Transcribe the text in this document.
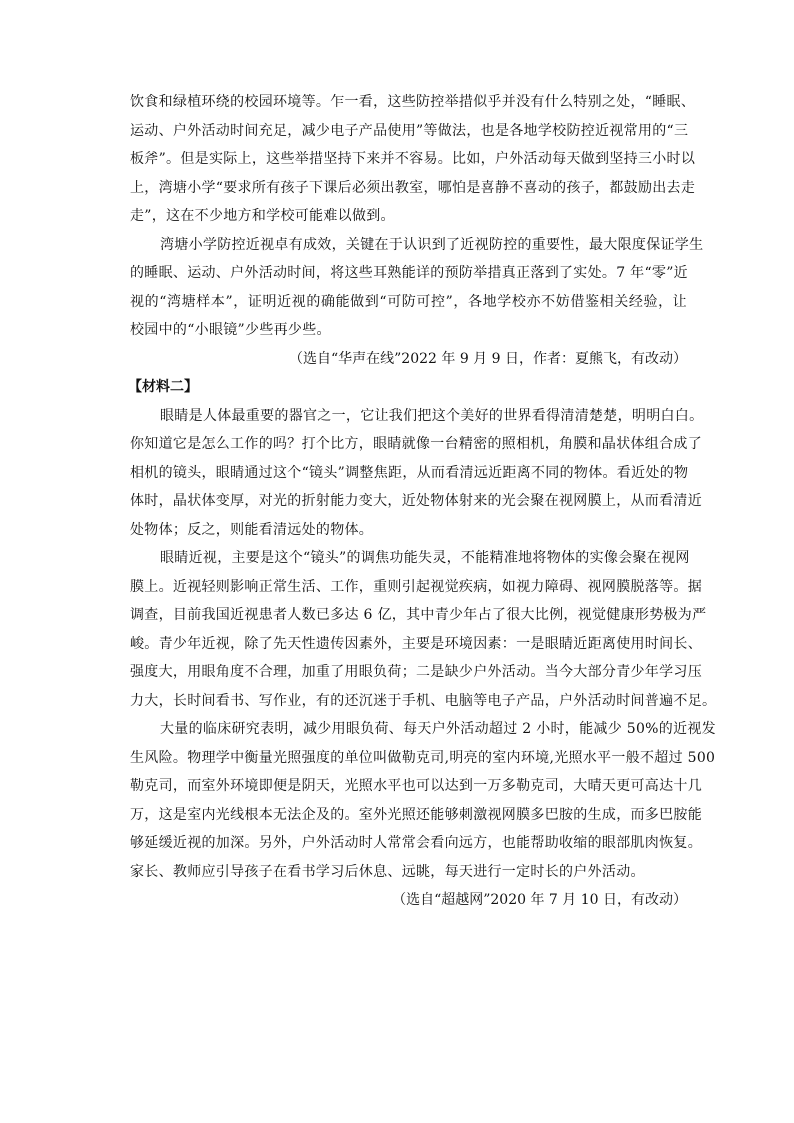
饮食和绿植环绕的校园环境等。乍一看，这些防控举措似乎并没有什么特别之处，“睡眠、
运动、户外活动时间充足，减少电子产品使用”等做法，也是各地学校防控近视常用的“三
板斧”。但是实际上，这些举措坚持下来并不容易。比如，户外活动每天做到坚持三小时以
上，湾塘小学“要求所有孩子下课后必须出教室，哪怕是喜静不喜动的孩子，都鼓励出去走
走”，这在不少地方和学校可能难以做到。
湾塘小学防控近视卓有成效，关键在于认识到了近视防控的重要性，最大限度保证学生
的睡眠、运动、户外活动时间，将这些耳熟能详的预防举措真正落到了实处。7 年“零”近
视的“湾塘样本”，证明近视的确能做到“可防可控”，各地学校亦不妨借鉴相关经验，让
校园中的“小眼镜”少些再少些。
（选自“华声在线”2022 年 9 月 9 日，作者：夏熊飞，有改动）
【材料二】
眼睛是人体最重要的器官之一，它让我们把这个美好的世界看得清清楚楚，明明白白。
你知道它是怎么工作的吗？打个比方，眼睛就像一台精密的照相机，角膜和晶状体组合成了
相机的镜头，眼睛通过这个“镜头”调整焦距，从而看清远近距离不同的物体。看近处的物
体时，晶状体变厚，对光的折射能力变大，近处物体射来的光会聚在视网膜上，从而看清近
处物体；反之，则能看清远处的物体。
眼睛近视，主要是这个“镜头”的调焦功能失灵，不能精准地将物体的实像会聚在视网
膜上。近视轻则影响正常生活、工作，重则引起视觉疾病，如视力障碍、视网膜脱落等。据
调查，目前我国近视患者人数已多达 6 亿，其中青少年占了很大比例，视觉健康形势极为严
峻。青少年近视，除了先天性遗传因素外，主要是环境因素：一是眼睛近距离使用时间长、
强度大，用眼角度不合理，加重了用眼负荷；二是缺少户外活动。当今大部分青少年学习压
力大，长时间看书、写作业，有的还沉迷于手机、电脑等电子产品，户外活动时间普遍不足。
大量的临床研究表明，减少用眼负荷、每天户外活动超过 2 小时，能减少 50%的近视发
生风险。物理学中衡量光照强度的单位叫做勒克司,明亮的室内环境,光照水平一般不超过 500
勒克司，而室外环境即便是阴天，光照水平也可以达到一万多勒克司，大晴天更可高达十几
万，这是室内光线根本无法企及的。室外光照还能够刺激视网膜多巴胺的生成，而多巴胺能
够延缓近视的加深。另外，户外活动时人常常会看向远方，也能帮助收缩的眼部肌肉恢复。
家长、教师应引导孩子在看书学习后休息、远眺，每天进行一定时长的户外活动。
（选自“超越网”2020 年 7 月 10 日，有改动）
